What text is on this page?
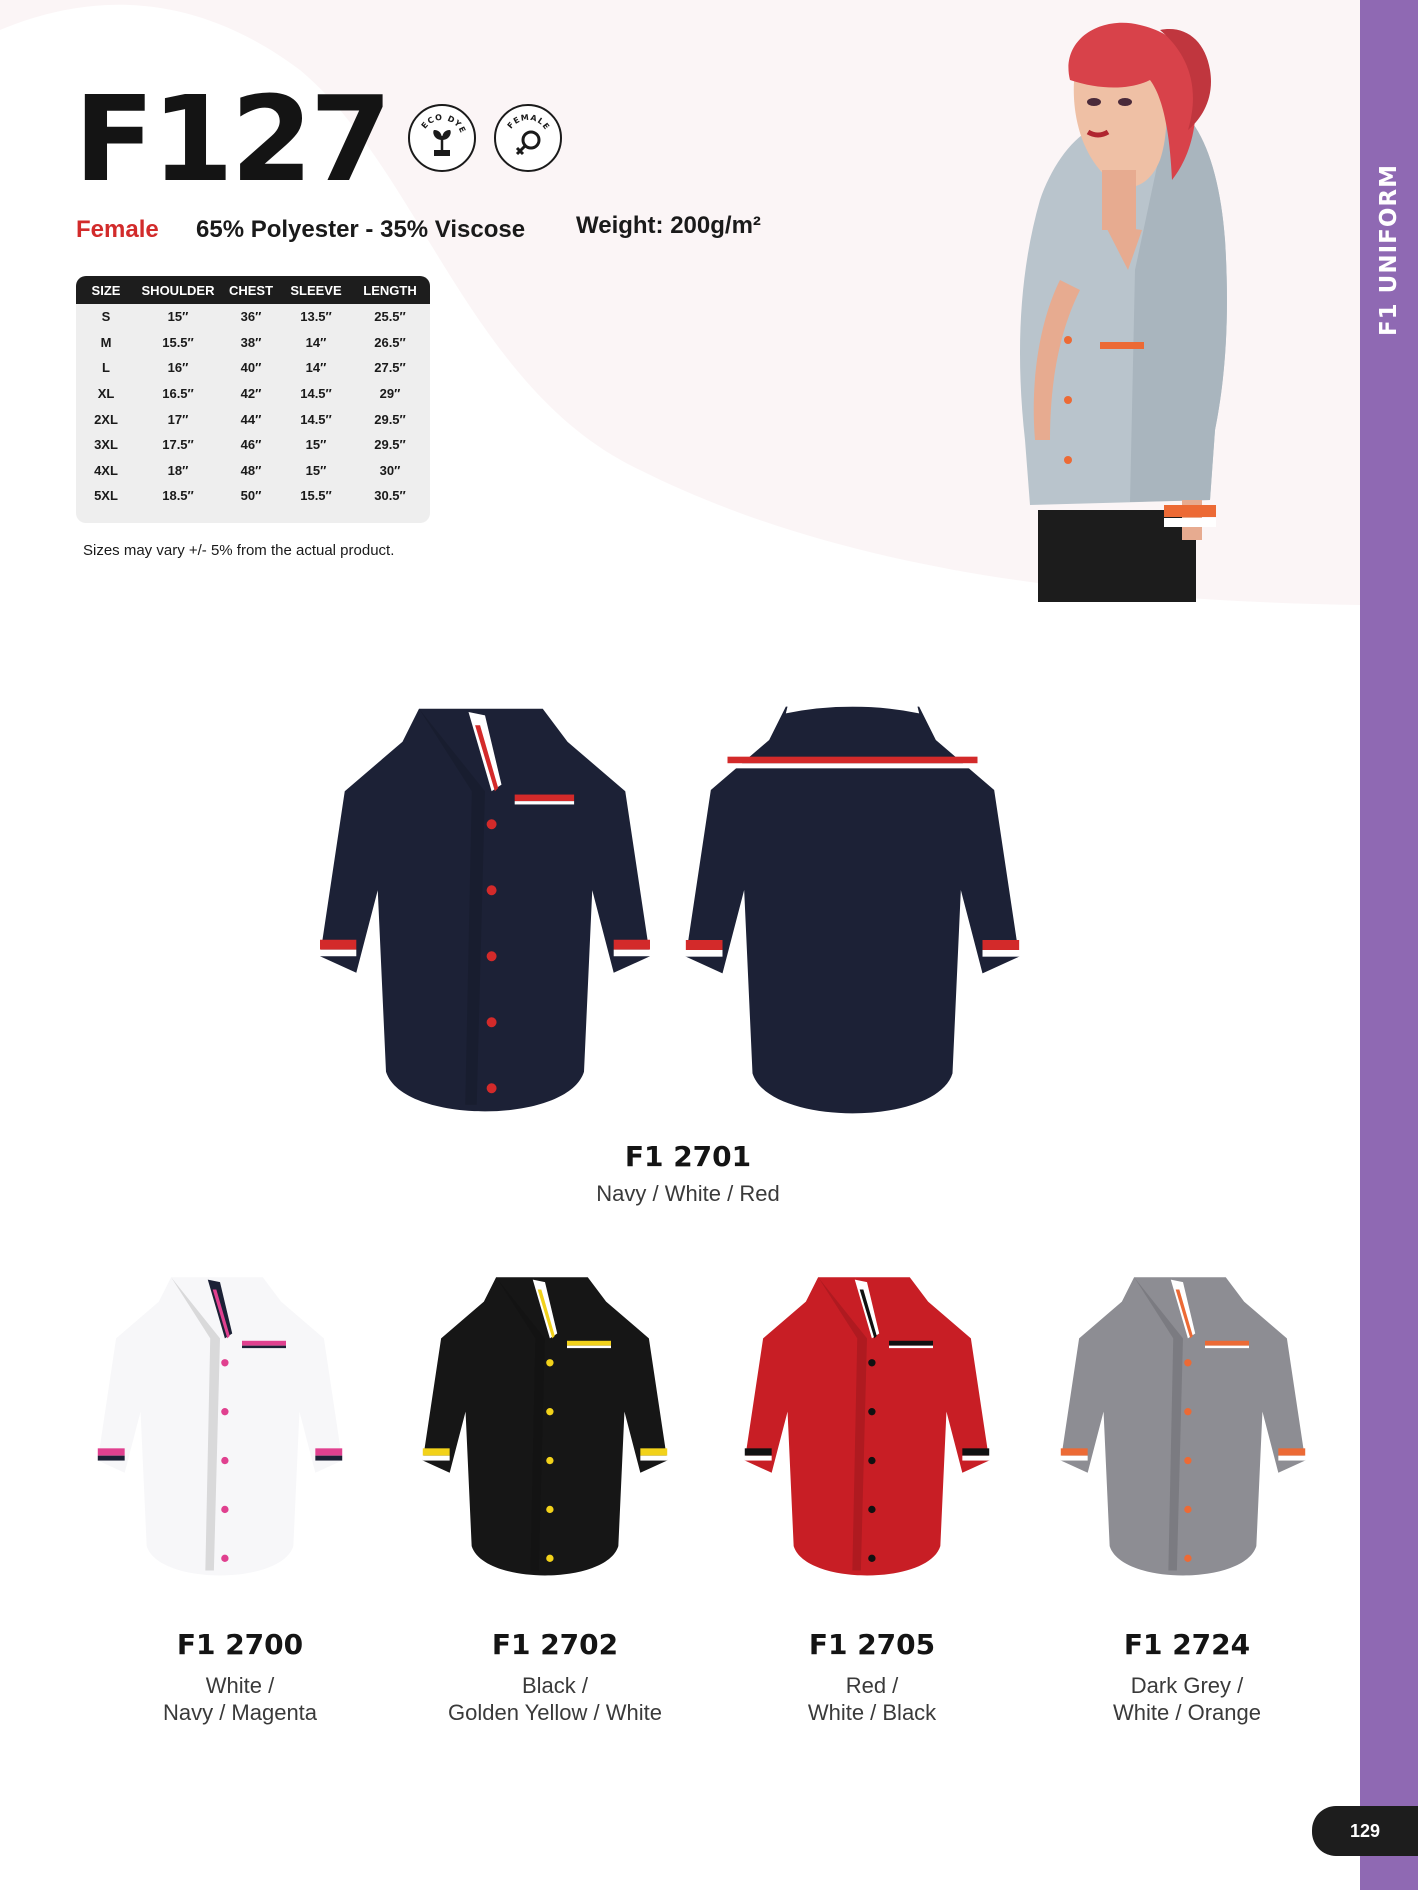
F1 UNIFORM
129
F127	ECO DYE	FEMALE
Female 65% Polyester - 35% Viscose Weight: 200g/m²
SIZE	SHOULDER	CHEST	SLEEVE	LENGTH
S	15″	36″	13.5″	25.5″
M	15.5″	38″	14″	26.5″
L	16″	40″	14″	27.5″
XL	16.5″	42″	14.5″	29″
2XL	17″	44″	14.5″	29.5″
3XL	17.5″	46″	15″	29.5″
4XL	18″	48″	15″	30″
5XL	18.5″	50′′	15.5″	30.5″
Sizes may vary +/- 5% from the actual product.
F1 2701
Navy / White / Red
F1 2700
White /
Navy / Magenta
F1 2702
Black /
Golden Yellow / White
F1 2705
Red /
White / Black
F1 2724
Dark Grey /
White / Orange
